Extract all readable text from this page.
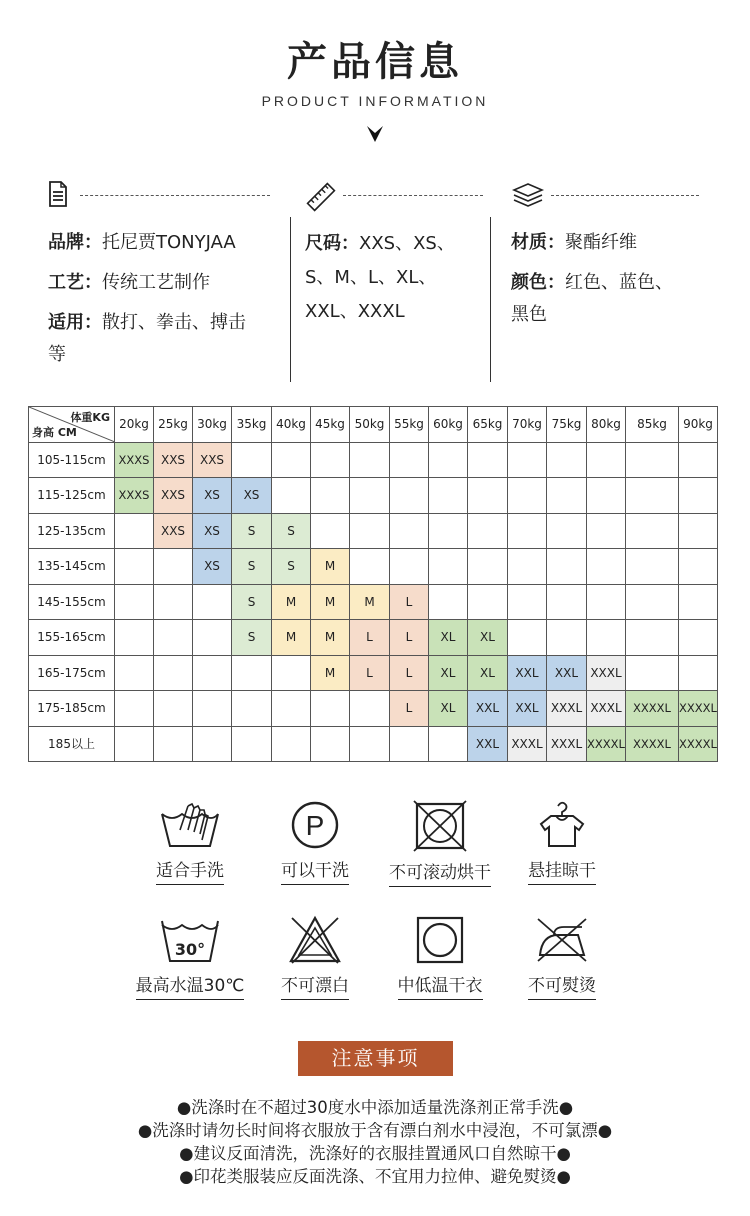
产品信息
PRODUCT INFORMATION
品牌：托尼贾TONYJAA
工艺：传统工艺制作
适用：散打、拳击、搏击
等
尺码：XXS、XS、
S、M、L、XL、
XXL、XXXL
材质：聚酯纤维
颜色：红色、蓝色、
黑色
体重KG
身高 CM	20kg	25kg	30kg	35kg	40kg	45kg	50kg	55kg	60kg	65kg	70kg	75kg	80kg	85kg	90kg
105-115cm	XXXS	XXS	XXS												
115-125cm	XXXS	XXS	XS	XS											
125-135cm		XXS	XS	S	S										
135-145cm			XS	S	S	M									
145-155cm				S	M	M	M	L							
155-165cm				S	M	M	L	L	XL	XL					
165-175cm						M	L	L	XL	XL	XXL	XXL	XXXL		
175-185cm								L	XL	XXL	XXL	XXXL	XXXL	XXXXL	XXXXL
185以上										XXL	XXXL	XXXL	XXXXL	XXXXL	XXXXL
适合手洗
P
可以干洗	不可滚动烘干	悬挂晾干
30°
最高水温30℃	不可漂白	中低温干衣	不可熨烫
注意事项
●洗涤时在不超过30度水中添加适量洗涤剂正常手洗●
●洗涤时请勿长时间将衣服放于含有漂白剂水中浸泡，不可氯漂●
●建议反面清洗，洗涤好的衣服挂置通风口自然晾干●
●印花类服装应反面洗涤、不宜用力拉伸、避免熨烫●
